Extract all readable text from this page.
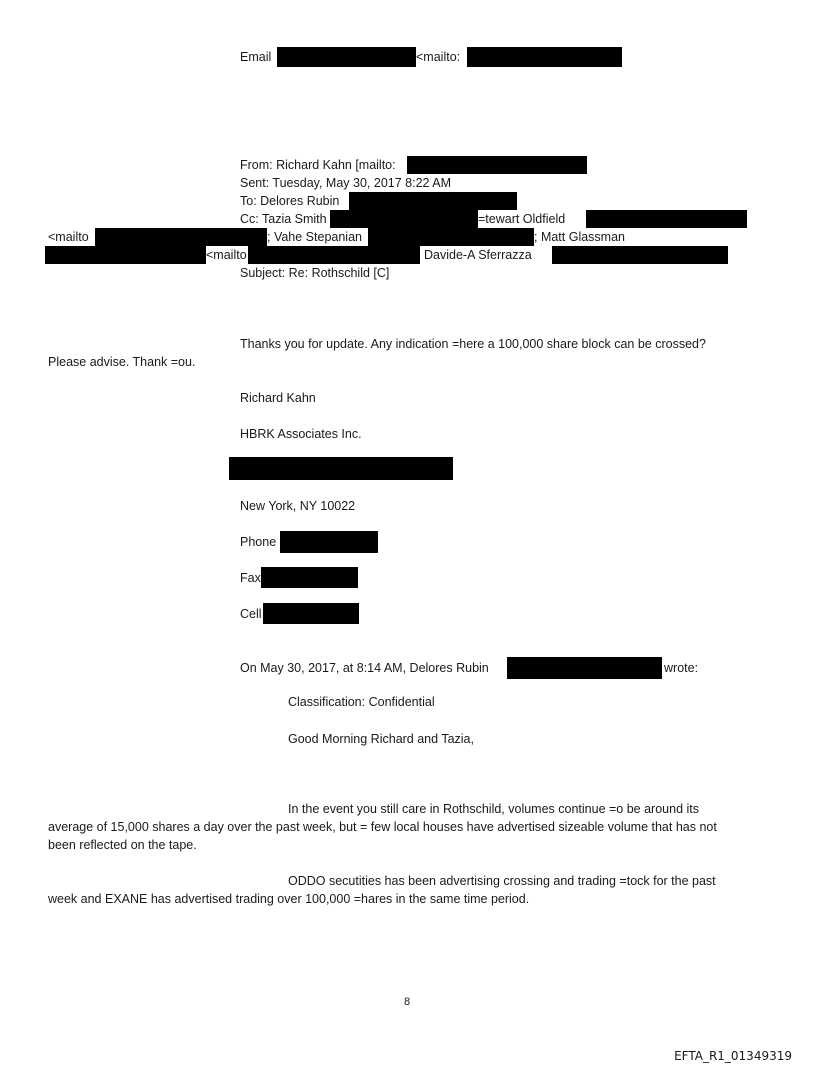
Email	<mailto:
From: Richard Kahn [mailto:
Sent: Tuesday, May 30, 2017 8:22 AM
To: Delores Rubin
Cc: Tazia Smith	=tewart Oldfield
<mailto	; Vahe Stepanian	; Matt Glassman
<mailto	Davide-A Sferrazza
Subject: Re: Rothschild [C]
Thanks you for update. Any indication =here a 100,000 share block can be crossed?
Please advise. Thank =ou.
Richard Kahn
HBRK Associates Inc.
New York, NY 10022
Phone
Fax
Cell
On May 30, 2017, at 8:14 AM, Delores Rubin	wrote:
Classification: Confidential
Good Morning Richard and Tazia,
In the event you still care in Rothschild, volumes continue =o be around its
average of 15,000 shares a day over the past week, but = few local houses have advertised sizeable volume that has not
been reflected on the tape.
ODDO secutities has been advertising crossing and trading =tock for the past
week and EXANE has advertised trading over 100,000 =hares in the same time period.
8
EFTA_R1_01349319
